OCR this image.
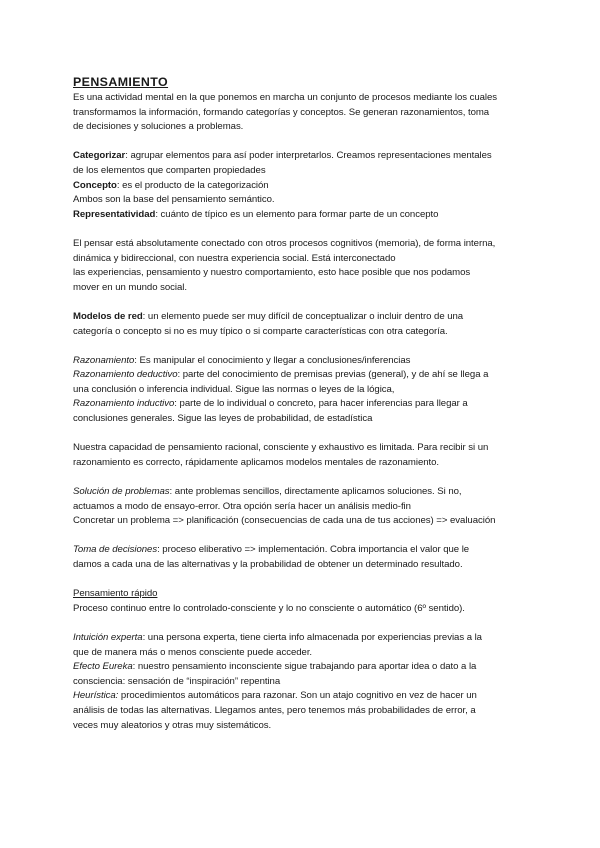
PENSAMIENTO
Es una actividad mental en la que ponemos en marcha un conjunto de procesos mediante los cuales
transformamos la información, formando categorías y conceptos. Se generan razonamientos, toma
de decisiones y soluciones a problemas.
Categorizar: agrupar elementos para así poder interpretarlos. Creamos representaciones mentales
de los elementos que comparten propiedades
Concepto: es el producto de la categorización
Ambos son la base del pensamiento semántico.
Representatividad: cuánto de típico es un elemento para formar parte de un concepto
El pensar está absolutamente conectado con otros procesos cognitivos (memoria), de forma interna,
dinámica y bidireccional, con nuestra experiencia social. Está interconectado
las experiencias, pensamiento y nuestro comportamiento, esto hace posible que nos podamos
mover en un mundo social.
Modelos de red: un elemento puede ser muy difícil de conceptualizar o incluir dentro de una
categoría o concepto si no es muy típico o si comparte características con otra categoría.
Razonamiento: Es manipular el conocimiento y llegar a conclusiones/inferencias
Razonamiento deductivo: parte del conocimiento de premisas previas (general), y de ahí se llega a
una conclusión o inferencia individual. Sigue las normas o leyes de la lógica,
Razonamiento inductivo: parte de lo individual o concreto, para hacer inferencias para llegar a
conclusiones generales. Sigue las leyes de probabilidad, de estadística
Nuestra capacidad de pensamiento racional, consciente y exhaustivo es limitada. Para recibir si un
razonamiento es correcto, rápidamente aplicamos modelos mentales de razonamiento.
Solución de problemas: ante problemas sencillos, directamente aplicamos soluciones. Si no,
actuamos a modo de ensayo-error. Otra opción sería hacer un análisis medio-fin
Concretar un problema => planificación (consecuencias de cada una de tus acciones) => evaluación
Toma de decisiones: proceso eliberativo => implementación. Cobra importancia el valor que le
damos a cada una de las alternativas y la probabilidad de obtener un determinado resultado.
Pensamiento rápido
Proceso continuo entre lo controlado-consciente y lo no consciente o automático (6º sentido).
Intuición experta: una persona experta, tiene cierta info almacenada por experiencias previas a la
que de manera más o menos consciente puede acceder.
Efecto Eureka: nuestro pensamiento inconsciente sigue trabajando para aportar idea o dato a la
consciencia: sensación de “inspiración” repentina
Heurística: procedimientos automáticos para razonar. Son un atajo cognitivo en vez de hacer un
análisis de todas las alternativas. Llegamos antes, pero tenemos más probabilidades de error, a
veces muy aleatorios y otras muy sistemáticos.
